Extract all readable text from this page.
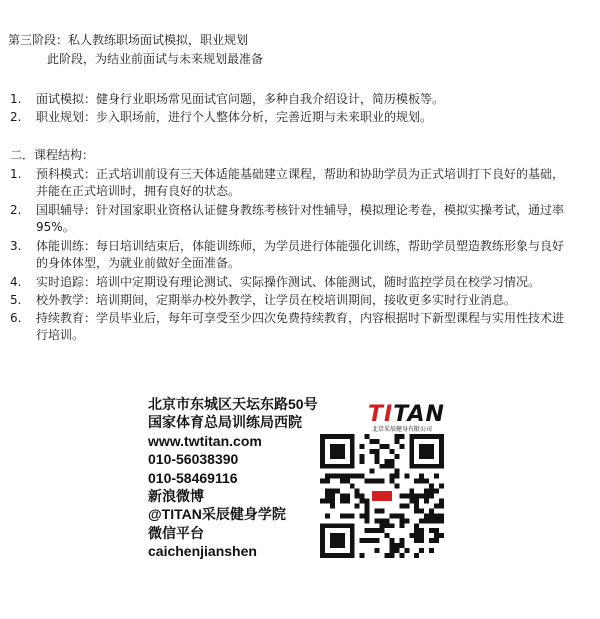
第三阶段：私人教练职场面试模拟，职业规划
此阶段，为结业前面试与未来规划最准备
1. 面试模拟：健身行业职场常见面试官问题，多种自我介绍设计，简历模板等。
2. 职业规划：步入职场前，进行个人整体分析，完善近期与未来职业的规划。
二．课程结构：
1. 预科模式：正式培训前设有三天体适能基础建立课程，帮助和协助学员为正式培训打下良好的基础，
并能在正式培训时，拥有良好的状态。
2. 国职辅导：针对国家职业资格认证健身教练考核针对性辅导，模拟理论考卷，模拟实操考试，通过率
95%。
3. 体能训练：每日培训结束后，体能训练师，为学员进行体能强化训练，帮助学员塑造教练形象与良好
的身体体型，为就业前做好全面准备。
4. 实时追踪：培训中定期设有理论测试、实际操作测试、体能测试，随时监控学员在校学习情况。
5. 校外教学：培训期间，定期举办校外教学，让学员在校培训期间，接收更多实时行业消息。
6. 持续教育：学员毕业后，每年可享受至少四次免费持续教育，内容根据时下新型课程与实用性技术进
行培训。
北京市东城区天坛东路50号
国家体育总局训练局西院
www.twtitan.com
010-56038390
010-58469116
新浪微博
@TITAN采辰健身学院
微信平台
caichenjianshen
TITAN
北京采辰健身有限公司
